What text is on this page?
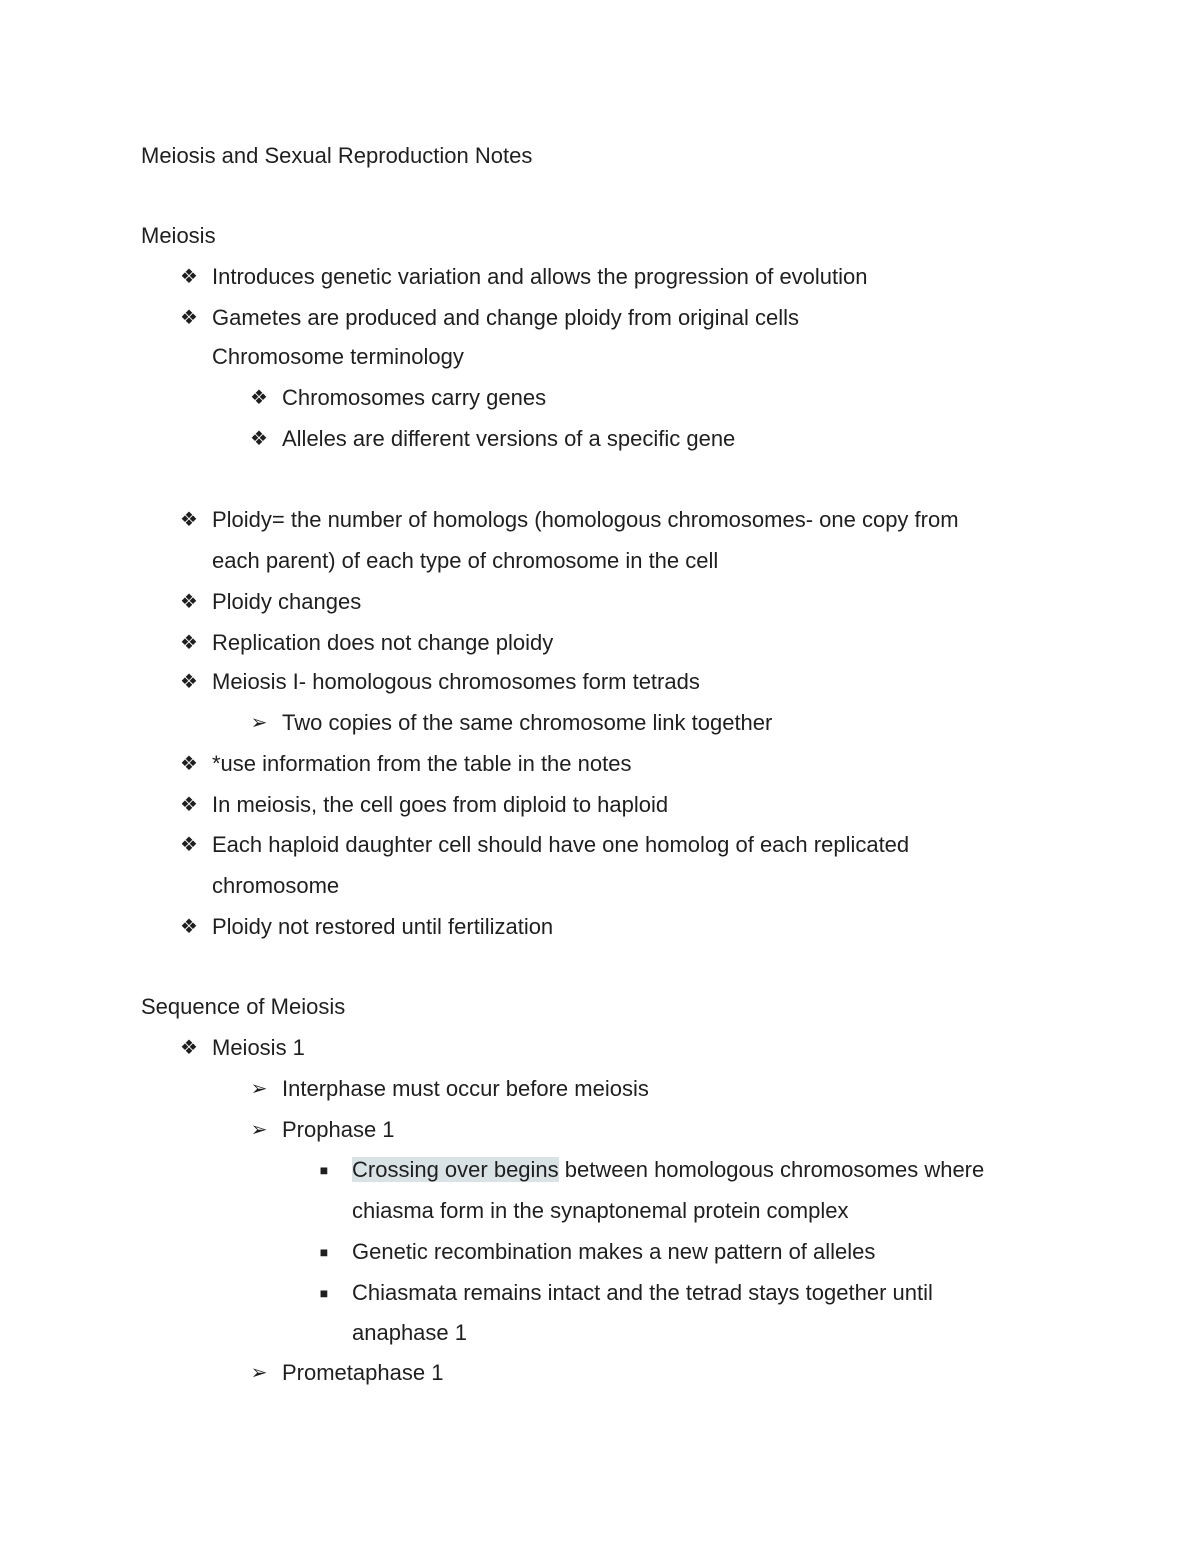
Meiosis and Sexual Reproduction Notes
Meiosis
❖ Introduces genetic variation and allows the progression of evolution
❖ Gametes are produced and change ploidy from original cells
Chromosome terminology
❖ Chromosomes carry genes
❖ Alleles are different versions of a specific gene
❖ Ploidy= the number of homologs (homologous chromosomes- one copy from
each parent) of each type of chromosome in the cell
❖ Ploidy changes
❖ Replication does not change ploidy
❖ Meiosis I- homologous chromosomes form tetrads
➢ Two copies of the same chromosome link together
❖ *use information from the table in the notes
❖ In meiosis, the cell goes from diploid to haploid
❖ Each haploid daughter cell should have one homolog of each replicated
chromosome
❖ Ploidy not restored until fertilization
Sequence of Meiosis
❖ Meiosis 1
➢ Interphase must occur before meiosis
➢ Prophase 1
■	Crossing over begins between homologous chromosomes where
chiasma form in the synaptonemal protein complex
■	Genetic recombination makes a new pattern of alleles
■	Chiasmata remains intact and the tetrad stays together until
anaphase 1
➢ Prometaphase 1
